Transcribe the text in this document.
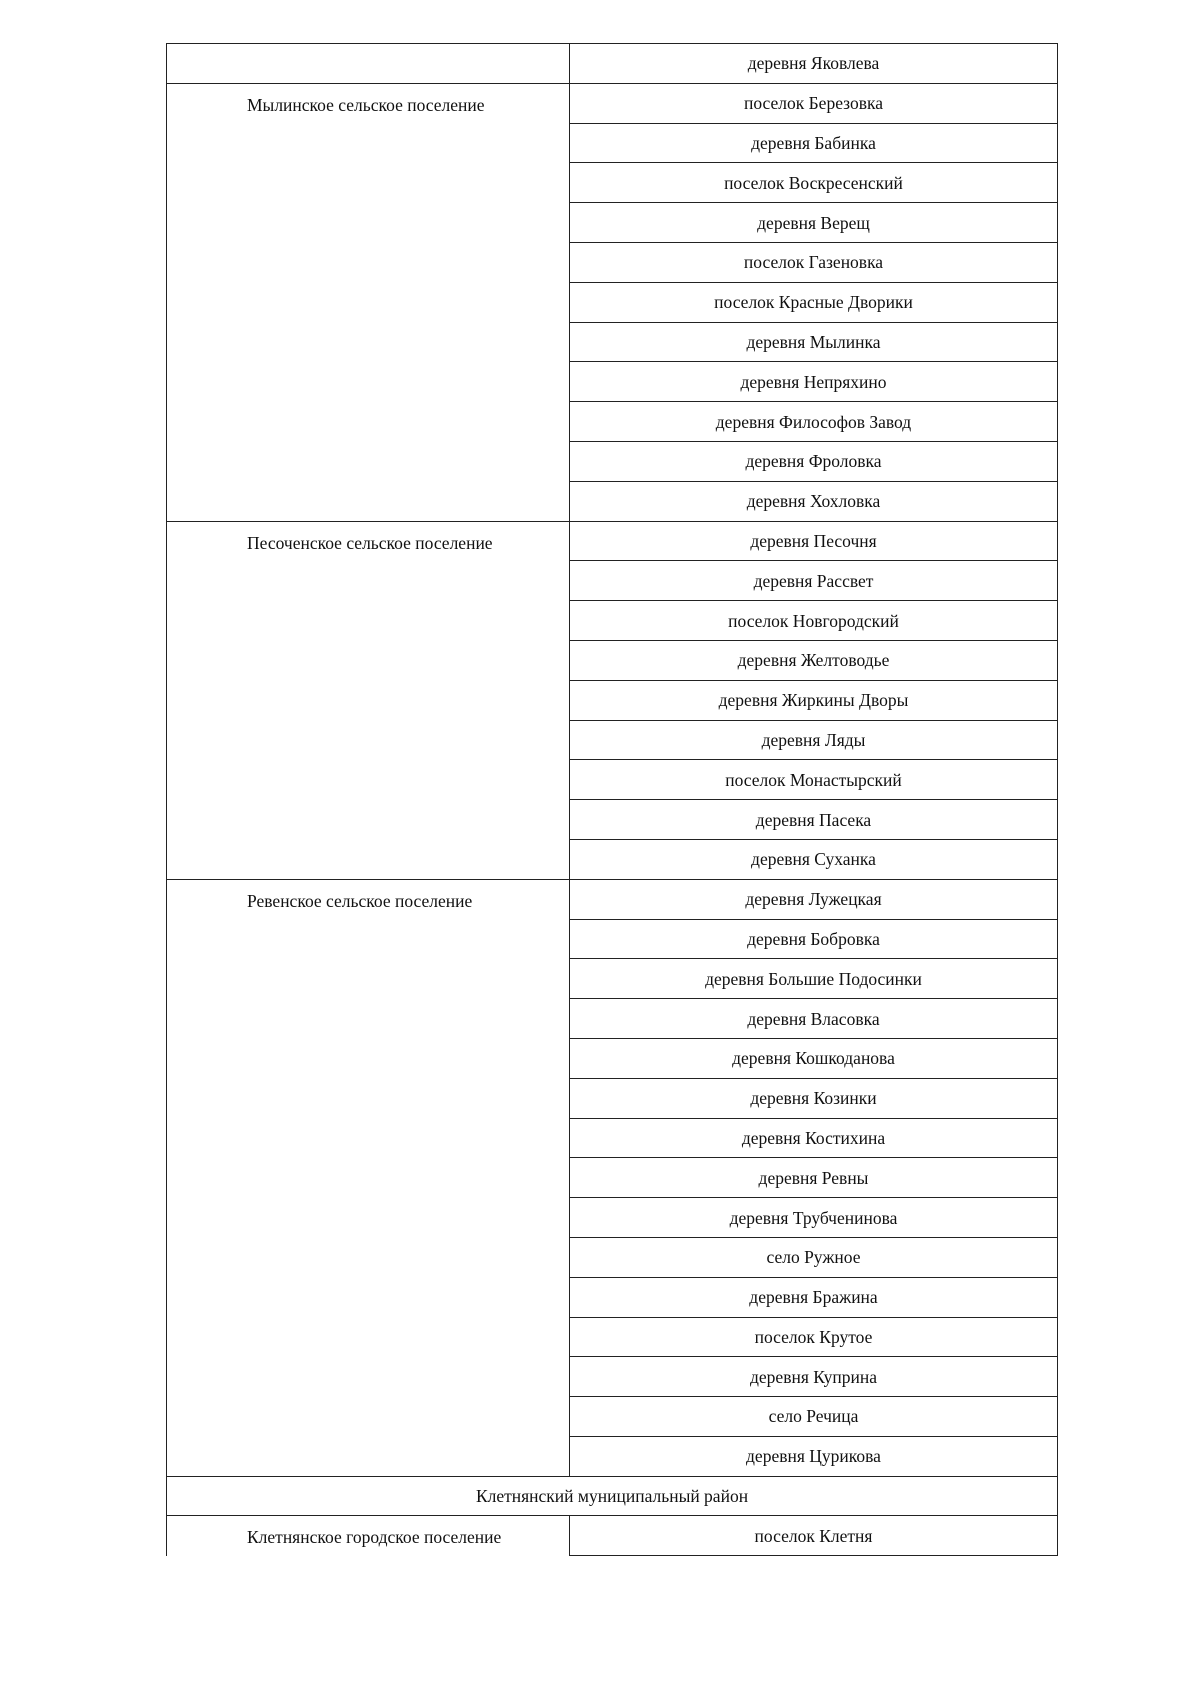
	деревня Яковлева
Мылинское сельское поселение	поселок Березовка
	деревня Бабинка
	поселок Воскресенский
	деревня Верещ
	поселок Газеновка
	поселок Красные Дворики
	деревня Мылинка
	деревня Непряхино
	деревня Философов Завод
	деревня Фроловка
	деревня Хохловка
Песоченское сельское поселение	деревня Песочня
	деревня Рассвет
	поселок Новгородский
	деревня Желтоводье
	деревня Жиркины Дворы
	деревня Ляды
	поселок Монастырский
	деревня Пасека
	деревня Суханка
Ревенское сельское поселение	деревня Лужецкая
	деревня Бобровка
	деревня Большие Подосинки
	деревня Власовка
	деревня Кошкоданова
	деревня Козинки
	деревня Костихина
	деревня Ревны
	деревня Трубченинова
	село Ружное
	деревня Бражина
	поселок Крутое
	деревня Куприна
	село Речица
	деревня Цурикова
Клетнянский муниципальный район	
Клетнянское городское поселение	поселок Клетня
